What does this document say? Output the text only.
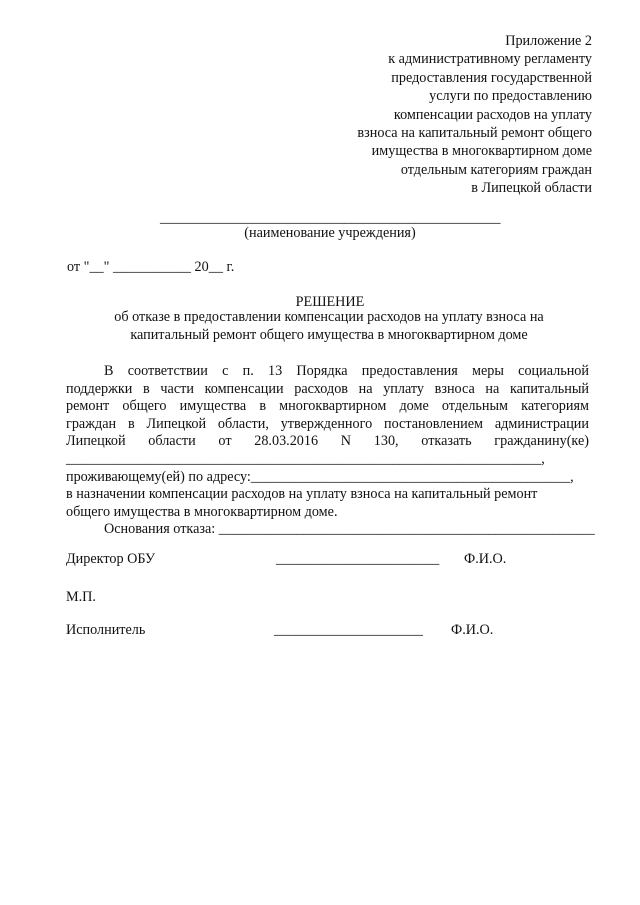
Приложение 2
к административному регламенту
предоставления государственной
услуги по предоставлению
компенсации расходов на уплату
взноса на капитальный ремонт общего
имущества в многоквартирном доме
отдельным категориям граждан
в Липецкой области
________________________________________________
(наименование учреждения)
от "__" ___________ 20__ г.
РЕШЕНИЕ
об отказе в предоставлении компенсации расходов на уплату взноса на
капитальный ремонт общего имущества в многоквартирном доме
В соответствии с п. 13 Порядка предоставления меры социальной
поддержки в части компенсации расходов на уплату взноса на капитальный
ремонт общего имущества в многоквартирном доме отдельным категориям
граждан в Липецкой области, утвержденного постановлением администрации
Липецкой области от 28.03.2016 N 130, отказать гражданину(ке)
___________________________________________________________________,
проживающему(ей) по адресу:_____________________________________________,
в назначении компенсации расходов на уплату взноса на капитальный ремонт
общего имущества в многоквартирном доме.
Основания отказа: _____________________________________________________
Директор ОБУ	_______________________ Ф.И.О.
М.П.
Исполнитель	_____________________ Ф.И.О.
